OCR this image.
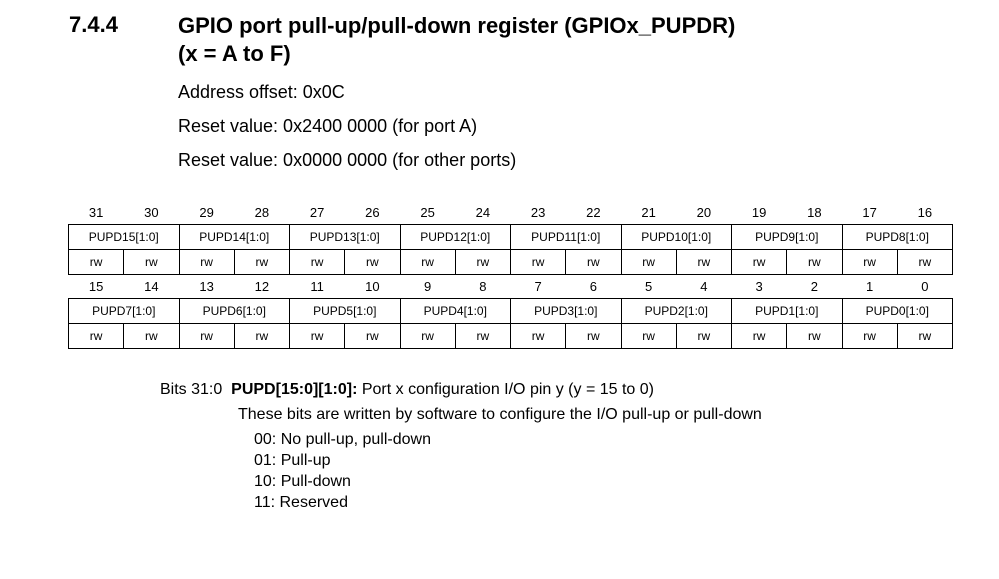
7.4.4	GPIO port pull-up/pull-down register (GPIOx_PUPDR)
(x = A to F)
Address offset: 0x0C
Reset value: 0x2400 0000 (for port A)
Reset value: 0x0000 0000 (for other ports)
31	30	29	28	27	26	25	24	23	22	21	20	19	18	17	16
PUPD15[1:0]		PUPD14[1:0]		PUPD13[1:0]		PUPD12[1:0]		PUPD11[1:0]		PUPD10[1:0]		PUPD9[1:0]		PUPD8[1:0]	
rw	rw	rw	rw	rw	rw	rw	rw	rw	rw	rw	rw	rw	rw	rw	rw
15	14	13	12	11	10	9	8	7	6	5	4	3	2	1	0
PUPD7[1:0]		PUPD6[1:0]		PUPD5[1:0]		PUPD4[1:0]		PUPD3[1:0]		PUPD2[1:0]		PUPD1[1:0]		PUPD0[1:0]	
rw	rw	rw	rw	rw	rw	rw	rw	rw	rw	rw	rw	rw	rw	rw	rw
Bits 31:0 PUPD[15:0][1:0]: Port x configuration I/O pin y (y = 15 to 0)
These bits are written by software to configure the I/O pull-up or pull-down
00: No pull-up, pull-down
01: Pull-up
10: Pull-down
11: Reserved
